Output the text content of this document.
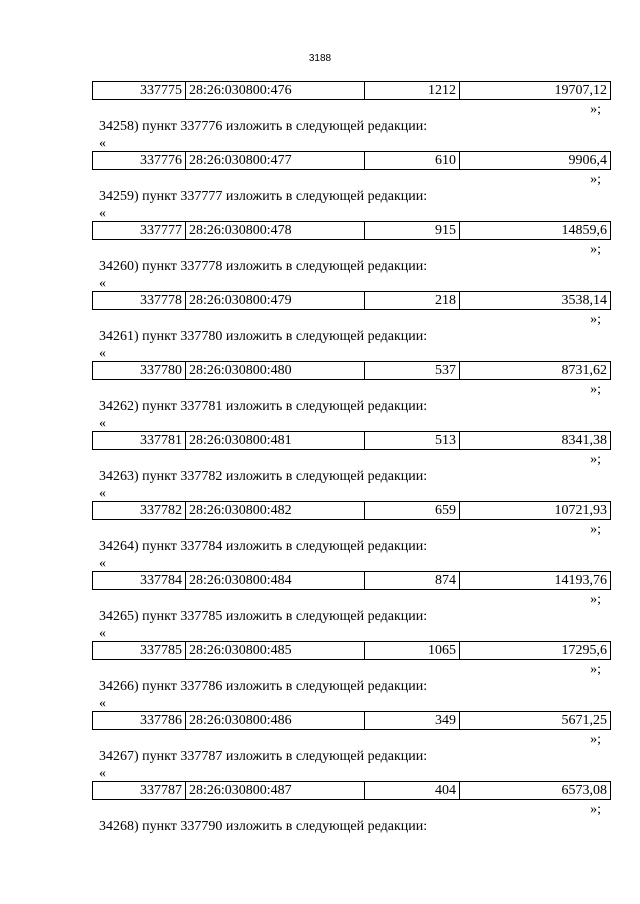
3188
337775 28:26:030800:476	1212	19707,12
»;
34258) пункт 337776 изложить в следующей редакции:
«
337776 28:26:030800:477	610	9906,4
»;
34259) пункт 337777 изложить в следующей редакции:
«
337777 28:26:030800:478	915	14859,6
»;
34260) пункт 337778 изложить в следующей редакции:
«
337778 28:26:030800:479	218	3538,14
»;
34261) пункт 337780 изложить в следующей редакции:
«
337780 28:26:030800:480	537	8731,62
»;
34262) пункт 337781 изложить в следующей редакции:
«
337781 28:26:030800:481	513	8341,38
»;
34263) пункт 337782 изложить в следующей редакции:
«
337782 28:26:030800:482	659	10721,93
»;
34264) пункт 337784 изложить в следующей редакции:
«
337784 28:26:030800:484	874	14193,76
»;
34265) пункт 337785 изложить в следующей редакции:
«
337785 28:26:030800:485	1065	17295,6
»;
34266) пункт 337786 изложить в следующей редакции:
«
337786 28:26:030800:486	349	5671,25
»;
34267) пункт 337787 изложить в следующей редакции:
«
337787 28:26:030800:487	404	6573,08
»;
34268) пункт 337790 изложить в следующей редакции:
